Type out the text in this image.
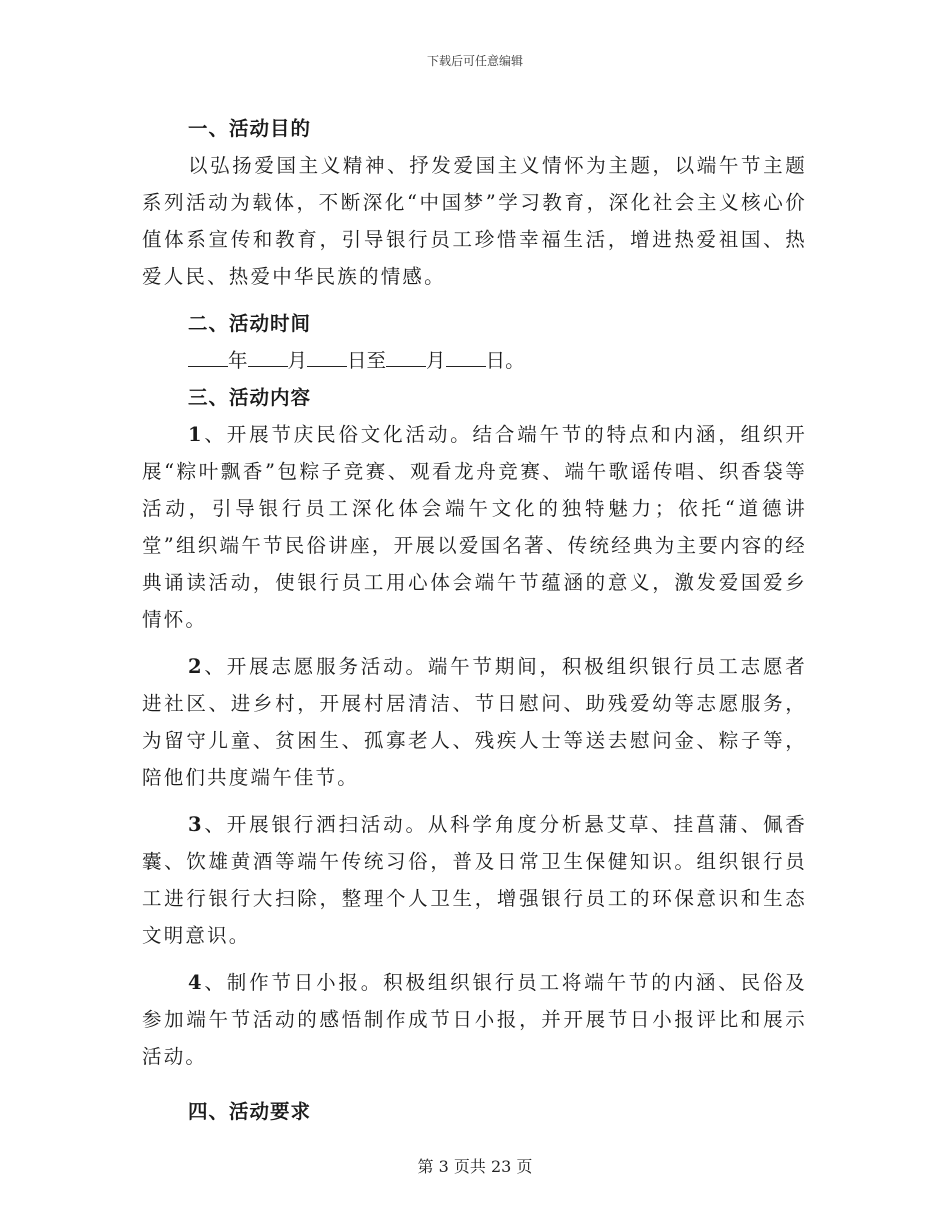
下载后可任意编辑

一、活动目的

以弘扬爱国主义精神、抒发爱国主义情怀为主题，以端午节主题系列活动为载体，不断深化“中国梦”学习教育，深化社会主义核心价值体系宣传和教育，引导银行员工珍惜幸福生活，增进热爱祖国、热爱人民、热爱中华民族的情感。

二、活动时间

年 月 日至 月 日。

三、活动内容

1、开展节庆民俗文化活动。结合端午节的特点和内涵，组织开展“粽叶飘香”包粽子竞赛、观看龙舟竞赛、端午歌谣传唱、织香袋等活动，引导银行员工深化体会端午文化的独特魅力；依托“道德讲堂”组织端午节民俗讲座，开展以爱国名著、传统经典为主要内容的经典诵读活动，使银行员工用心体会端午节蕴涵的意义，激发爱国爱乡情怀。

2、开展志愿服务活动。端午节期间，积极组织银行员工志愿者进社区、进乡村，开展村居清洁、节日慰问、助残爱幼等志愿服务，为留守儿童、贫困生、孤寡老人、残疾人士等送去慰问金、粽子等，陪他们共度端午佳节。

3、开展银行洒扫活动。从科学角度分析悬艾草、挂菖蒲、佩香囊、饮雄黄酒等端午传统习俗，普及日常卫生保健知识。组织银行员工进行银行大扫除，整理个人卫生，增强银行员工的环保意识和生态文明意识。

4、制作节日小报。积极组织银行员工将端午节的内涵、民俗及参加端午节活动的感悟制作成节日小报，并开展节日小报评比和展示活动。

四、活动要求

第 3 页共 23 页
